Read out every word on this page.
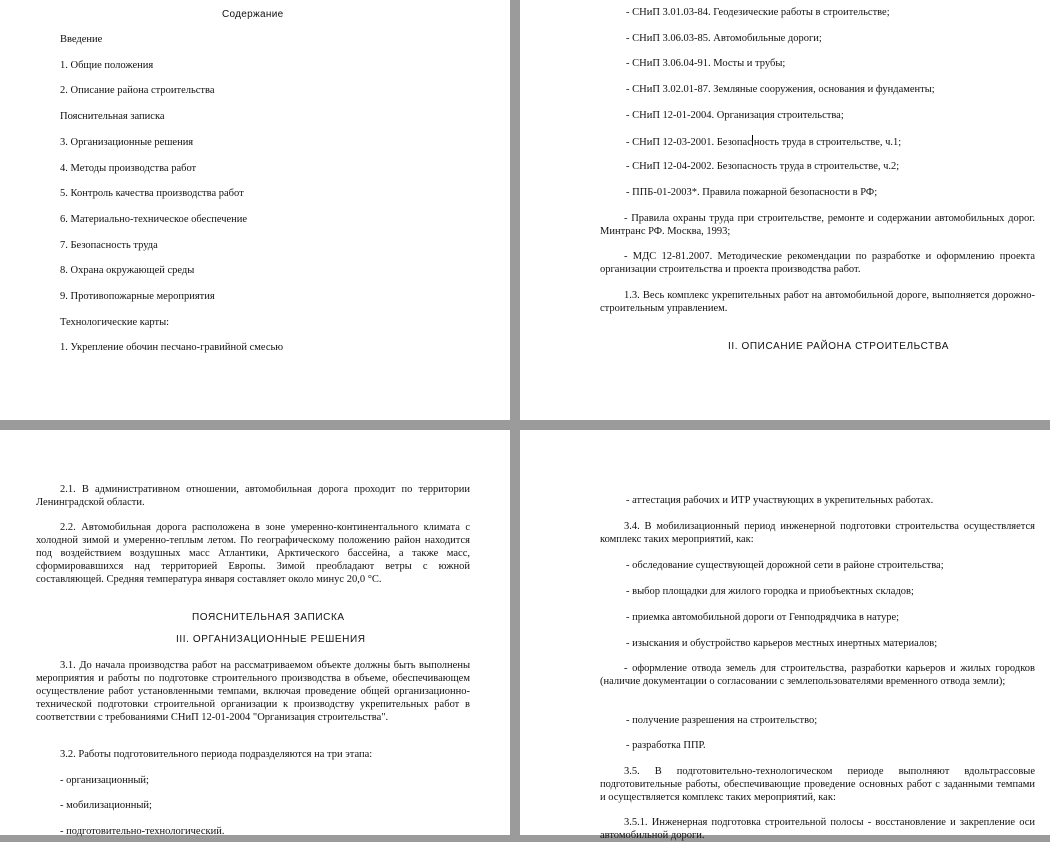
Содержание
Введение
1. Общие положения
2. Описание района строительства
Пояснительная записка
3. Организационные решения
4. Методы производства работ
5. Контроль качества производства работ
6. Материально-техническое обеспечение
7. Безопасность труда
8. Охрана окружающей среды
9. Противопожарные мероприятия
Технологические карты:
1. Укрепление обочин песчано-гравийной смесью
- СНиП 3.01.03-84. Геодезические работы в строительстве;
- СНиП 3.06.03-85. Автомобильные дороги;
- СНиП 3.06.04-91. Мосты и трубы;
- СНиП 3.02.01-87. Земляные сооружения, основания и фундаменты;
- СНиП 12-01-2004. Организация строительства;
- СНиП 12-03-2001. Безопас ность труда в строительстве, ч.1;
- СНиП 12-04-2002. Безопасность труда в строительстве, ч.2;
- ППБ-01-2003*. Правила пожарной безопасности в РФ;

- Правила охраны труда при строительстве, ремонте и содержании автомобильных дорог. Минтранс РФ. Москва, 1993;

- МДС 12-81.2007. Методические рекомендации по разработке и оформлению проекта организации строительства и проекта производства работ.

1.3. Весь комплекс укрепительных работ на автомобильной дороге, выполняется дорожно-строительным управлением.

II. ОПИСАНИЕ РАЙОНА СТРОИТЕЛЬСТВА

2.1. В административном отношении, автомобильная дорога проходит по территории Ленинградской области.

2.2. Автомобильная дорога расположена в зоне умеренно-континентального климата с холодной зимой и умеренно-теплым летом. По географическому положению район находится под воздействием воздушных масс Атлантики, Арктического бассейна, а также масс, сформировавшихся над территорией Европы. Зимой преобладают ветры с южной составляющей. Средняя температура января составляет около минус 20,0 °С.

ПОЯСНИТЕЛЬНАЯ ЗАПИСКА
III. ОРГАНИЗАЦИОННЫЕ РЕШЕНИЯ

3.1. До начала производства работ на рассматриваемом объекте должны быть выполнены мероприятия и работы по подготовке строительного производства в объеме, обеспечивающем осуществление работ установленными темпами, включая проведение общей организационно-технической подготовки строительной организации к производству укрепительных работ в соответствии с требованиями СНиП 12-01-2004 "Организация строительства".

3.2. Работы подготовительного периода подразделяются на три этапа:
- организационный;
- мобилизационный;
- подготовительно-технологический.
- аттестация рабочих и ИТР участвующих в укрепительных работах.

3.4. В мобилизационный период инженерной подготовки строительства осуществляется комплекс таких мероприятий, как:

- обследование существующей дорожной сети в районе строительства;
- выбор площадки для жилого городка и приобъектных складов;
- приемка автомобильной дороги от Генподрядчика в натуре;
- изыскания и обустройство карьеров местных инертных материалов;

- оформление отвода земель для строительства, разработки карьеров и жилых городков (наличие документации о согласовании с землепользователями временного отвода земли);

- получение разрешения на строительство;
- разработка ППР.

3.5. В подготовительно-технологическом периоде выполняют вдольтрассовые подготовительные работы, обеспечивающие проведение основных работ с заданными темпами и осуществляется комплекс таких мероприятий, как:

3.5.1. Инженерная подготовка строительной полосы - восстановление и закрепление оси автомобильной дороги.
